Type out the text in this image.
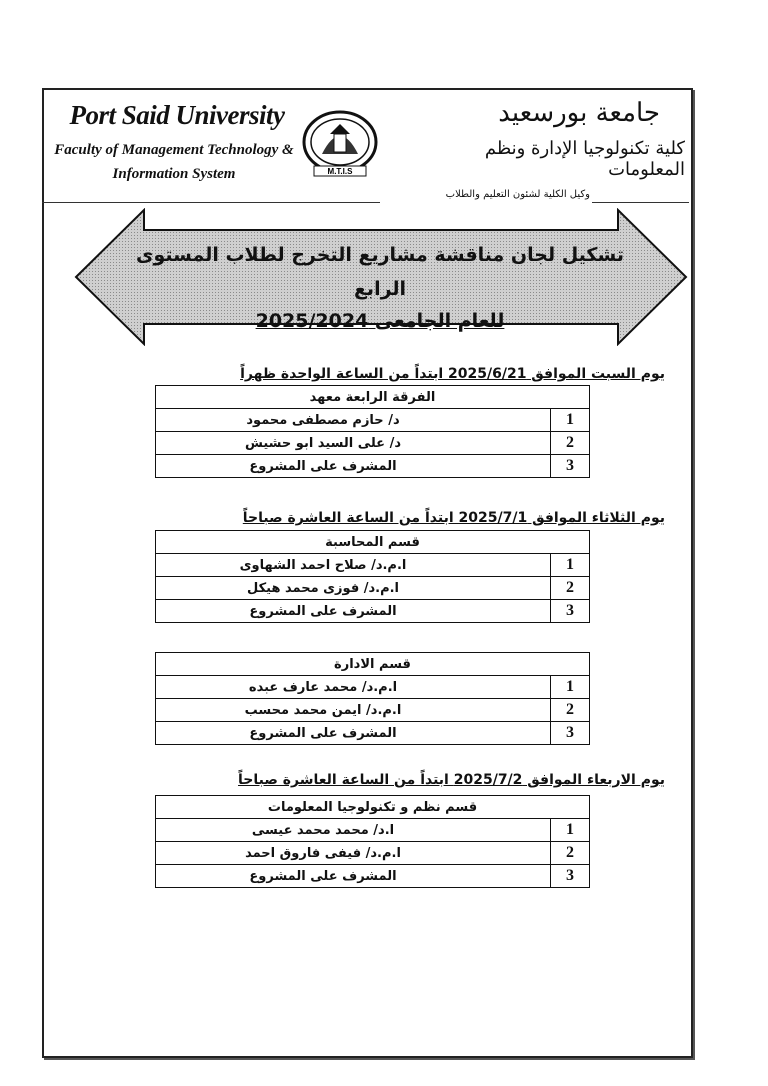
Port Said University
Faculty of Management Technology &
Information System	M.T.I.S
جامعة بورسعيد
كلية تكنولوجيا الإدارة ونظم المعلومات
وكيل الكلية لشئون التعليم والطلاب
تشكيل لجان مناقشة مشاريع التخرج لطلاب المستوى الرابع
للعام الجامعى 2025/2024
يوم السبت الموافق 2025/6/21 ابتداً من الساعة الواحدة ظهراً
الفرقة الرابعة معهد	
1	د/ حازم مصطفى محمود
2	د/ على السيد ابو حشيش
3	المشرف على المشروع
يوم الثلاثاء الموافق 2025/7/1 ابتداً من الساعة العاشرة صباحاً
قسم المحاسبة	
1	ا.م.د/ صلاح احمد الشهاوى
2	ا.م.د/ فوزى محمد هيكل
3	المشرف على المشروع
قسم الادارة	
1	ا.م.د/ محمد عارف عبده
2	ا.م.د/ ايمن محمد محسب
3	المشرف على المشروع
يوم الاربعاء الموافق 2025/7/2 ابتداً من الساعة العاشرة صباحاً
قسم نظم و تكنولوجيا المعلومات	
1	ا.د/ محمد محمد عيسى
2	ا.م.د/ فيفى فاروق احمد
3	المشرف على المشروع
